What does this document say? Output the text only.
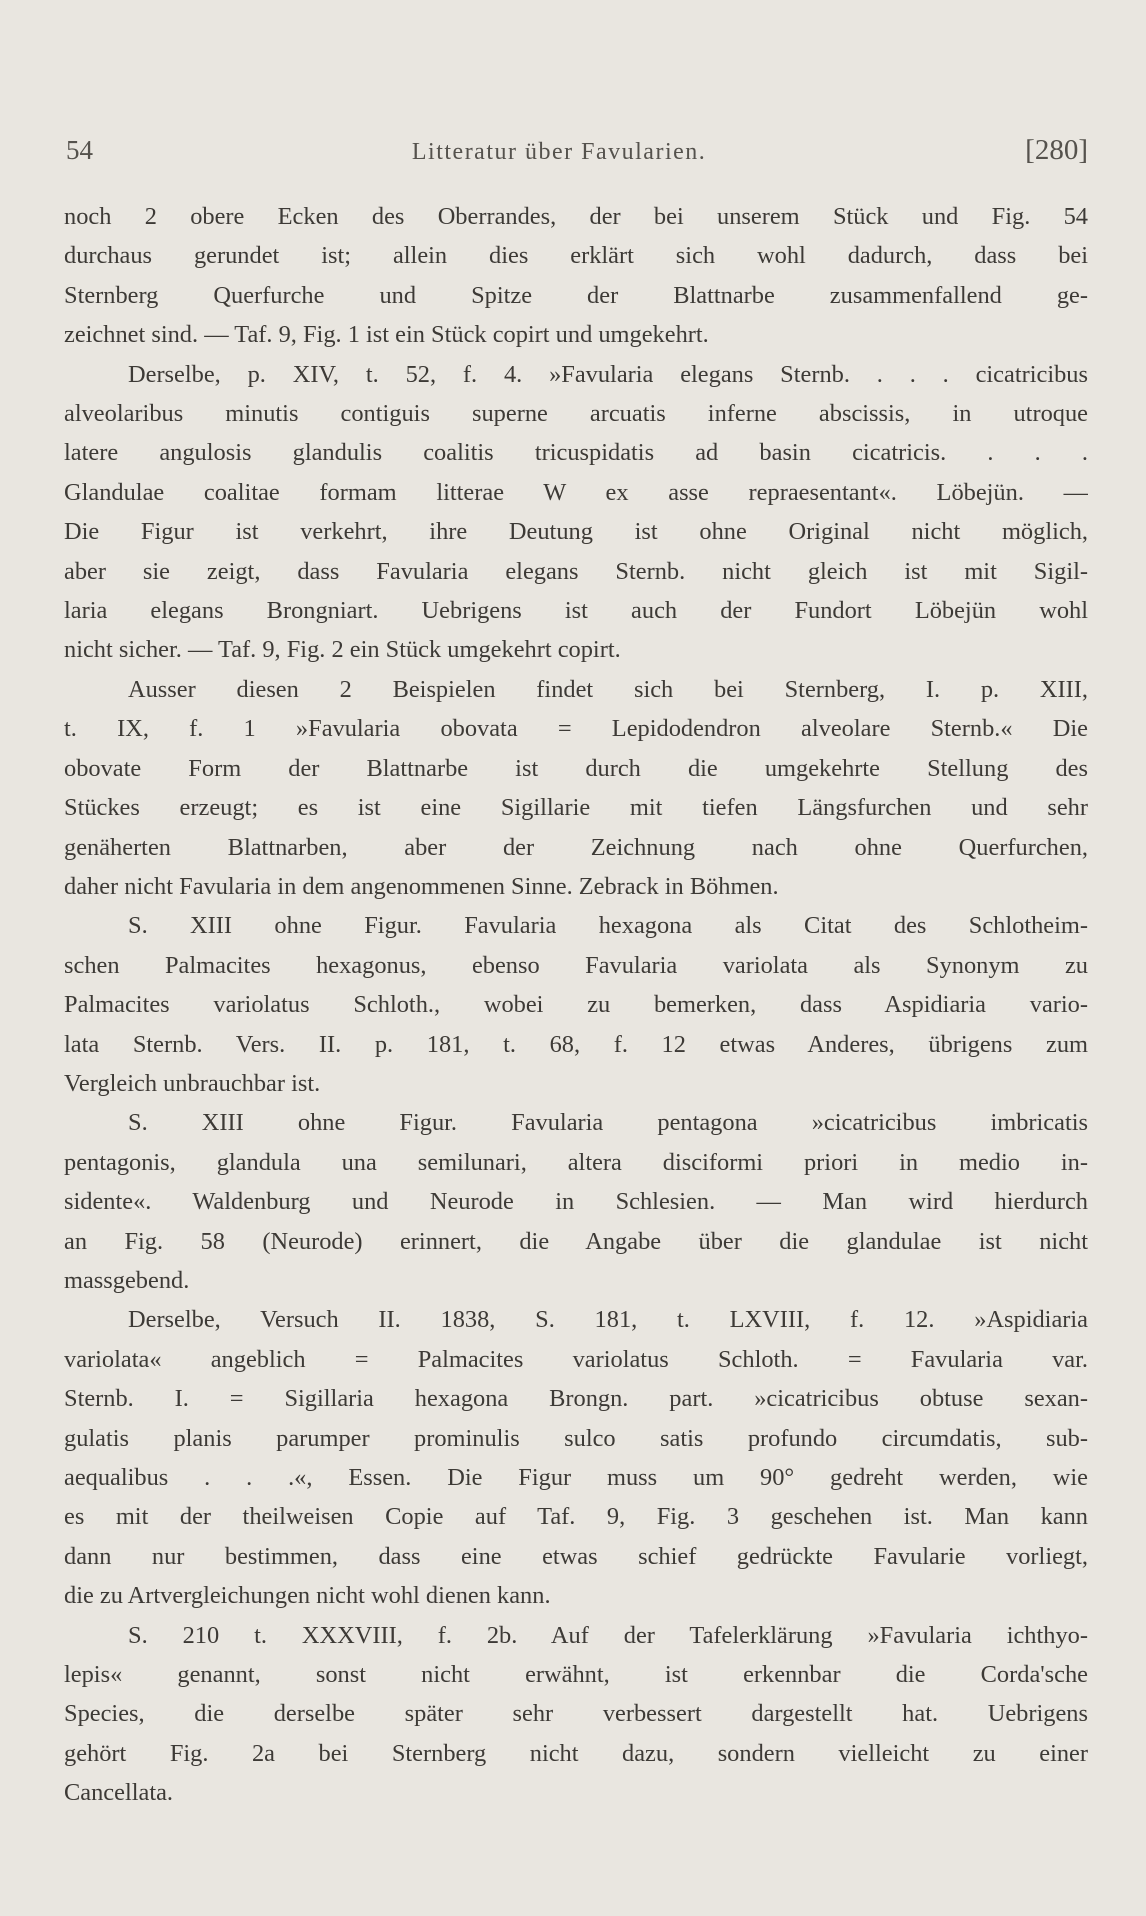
54	Litteratur über Favularien.	[280]
noch 2 obere Ecken des Oberrandes, der bei unserem Stück und Fig. 54
durchaus gerundet ist; allein dies erklärt sich wohl dadurch, dass bei
Sternberg Querfurche und Spitze der Blattnarbe zusammenfallend ge-
zeichnet sind. — Taf. 9, Fig. 1 ist ein Stück copirt und umgekehrt.
Derselbe, p. XIV, t. 52, f. 4. »Favularia elegans Sternb. . . . cicatricibus
alveolaribus minutis contiguis superne arcuatis inferne abscissis, in utroque
latere angulosis glandulis coalitis tricuspidatis ad basin cicatricis. . . .
Glandulae coalitae formam litterae W ex asse repraesentant«. Löbejün. —
Die Figur ist verkehrt, ihre Deutung ist ohne Original nicht möglich,
aber sie zeigt, dass Favularia elegans Sternb. nicht gleich ist mit Sigil-
laria elegans Brongniart. Uebrigens ist auch der Fundort Löbejün wohl
nicht sicher. — Taf. 9, Fig. 2 ein Stück umgekehrt copirt.
Ausser diesen 2 Beispielen findet sich bei Sternberg, I. p. XIII,
t. IX, f. 1 »Favularia obovata = Lepidodendron alveolare Sternb.« Die
obovate Form der Blattnarbe ist durch die umgekehrte Stellung des
Stückes erzeugt; es ist eine Sigillarie mit tiefen Längsfurchen und sehr
genäherten Blattnarben, aber der Zeichnung nach ohne Querfurchen,
daher nicht Favularia in dem angenommenen Sinne. Zebrack in Böhmen.
S. XIII ohne Figur. Favularia hexagona als Citat des Schlotheim-
schen Palmacites hexagonus, ebenso Favularia variolata als Synonym zu
Palmacites variolatus Schloth., wobei zu bemerken, dass Aspidiaria vario-
lata Sternb. Vers. II. p. 181, t. 68, f. 12 etwas Anderes, übrigens zum
Vergleich unbrauchbar ist.
S. XIII ohne Figur. Favularia pentagona »cicatricibus imbricatis
pentagonis, glandula una semilunari, altera disciformi priori in medio in-
sidente«. Waldenburg und Neurode in Schlesien. — Man wird hierdurch
an Fig. 58 (Neurode) erinnert, die Angabe über die glandulae ist nicht
massgebend.
Derselbe, Versuch II. 1838, S. 181, t. LXVIII, f. 12. »Aspidiaria
variolata« angeblich = Palmacites variolatus Schloth. = Favularia var.
Sternb. I. = Sigillaria hexagona Brongn. part. »cicatricibus obtuse sexan-
gulatis planis parumper prominulis sulco satis profundo circumdatis, sub-
aequalibus . . .«, Essen. Die Figur muss um 90° gedreht werden, wie
es mit der theilweisen Copie auf Taf. 9, Fig. 3 geschehen ist. Man kann
dann nur bestimmen, dass eine etwas schief gedrückte Favularie vorliegt,
die zu Artvergleichungen nicht wohl dienen kann.
S. 210 t. XXXVIII, f. 2b. Auf der Tafelerklärung »Favularia ichthyo-
lepis« genannt, sonst nicht erwähnt, ist erkennbar die Corda'sche
Species, die derselbe später sehr verbessert dargestellt hat. Uebrigens
gehört Fig. 2a bei Sternberg nicht dazu, sondern vielleicht zu einer
Cancellata.
